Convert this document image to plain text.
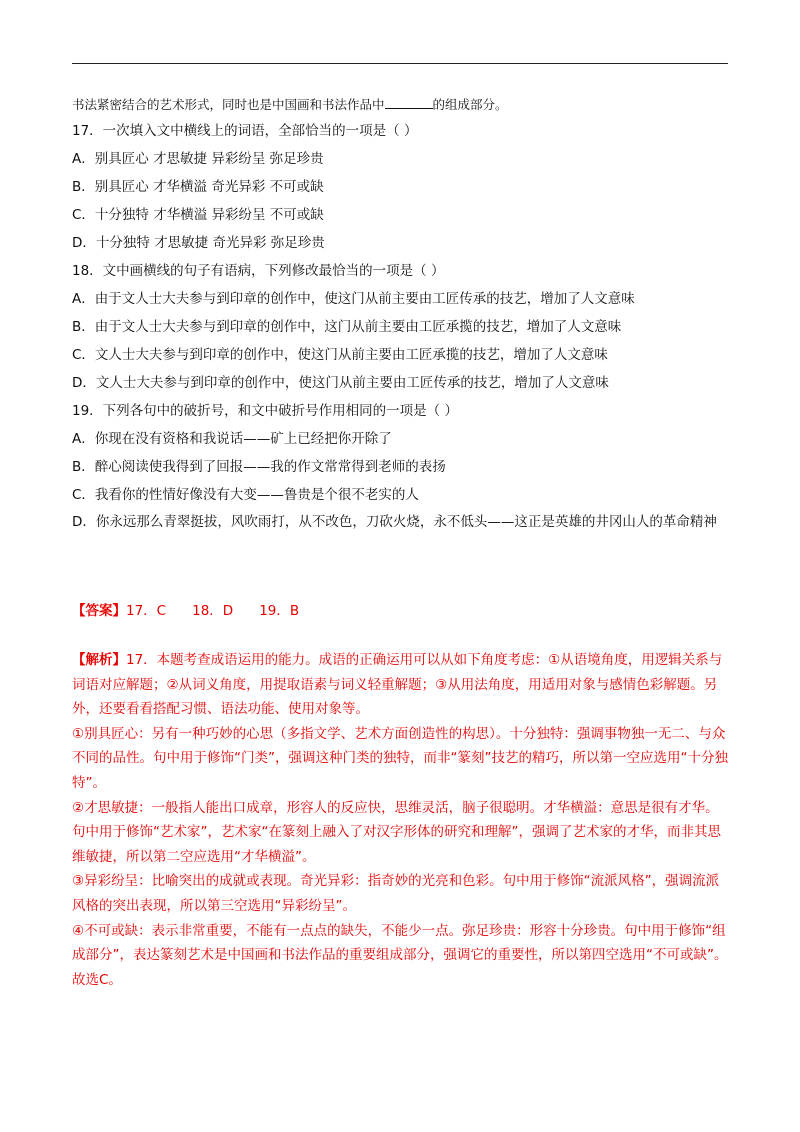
书法紧密结合的艺术形式，同时也是中国画和书法作品中	的组成部分。
17．一次填入文中横线上的词语，全部恰当的一项是（ ）
A．别具匠心 才思敏捷 异彩纷呈 弥足珍贵
B．别具匠心 才华横溢 奇光异彩 不可或缺
C．十分独特 才华横溢 异彩纷呈 不可或缺
D．十分独特 才思敏捷 奇光异彩 弥足珍贵
18．文中画横线的句子有语病，下列修改最恰当的一项是（ ）
A．由于文人士大夫参与到印章的创作中，使这门从前主要由工匠传承的技艺，增加了人文意味
B．由于文人士大夫参与到印章的创作中，这门从前主要由工匠承揽的技艺，增加了人文意味
C．文人士大夫参与到印章的创作中，使这门从前主要由工匠承揽的技艺，增加了人文意味
D．文人士大夫参与到印章的创作中，使这门从前主要由工匠传承的技艺，增加了人文意味
19．下列各句中的破折号，和文中破折号作用相同的一项是（ ）
A．你现在没有资格和我说话——矿上已经把你开除了
B．醉心阅读使我得到了回报——我的作文常常得到老师的表扬
C．我看你的性情好像没有大变——鲁贵是个很不老实的人
D．你永远那么青翠挺拔，风吹雨打，从不改色，刀砍火烧，永不低头——这正是英雄的井冈山人的革命精神
【答案】17．C 18．D 19．B

【解析】17．本题考查成语运用的能力。成语的正确运用可以从如下角度考虑：①从语境角度，用逻辑关系与词语对应解题；②从词义角度，用提取语素与词义轻重解题；③从用法角度，用适用对象与感情色彩解题。另外，还要看看搭配习惯、语法功能、使用对象等。

①别具匠心：另有一种巧妙的心思（多指文学、艺术方面创造性的构思）。十分独特：强调事物独一无二、与众不同的品性。句中用于修饰“门类”，强调这种门类的独特，而非“篆刻”技艺的精巧，所以第一空应选用“十分独特”。

②才思敏捷：一般指人能出口成章，形容人的反应快，思维灵活，脑子很聪明。才华横溢：意思是很有才华。句中用于修饰“艺术家”，艺术家“在篆刻上融入了对汉字形体的研究和理解”，强调了艺术家的才华，而非其思维敏捷，所以第二空应选用“才华横溢”。

③异彩纷呈：比喻突出的成就或表现。奇光异彩：指奇妙的光亮和色彩。句中用于修饰“流派风格”，强调流派风格的突出表现，所以第三空选用“异彩纷呈”。

④不可或缺：表示非常重要，不能有一点点的缺失，不能少一点。弥足珍贵：形容十分珍贵。句中用于修饰“组成部分”，表达篆刻艺术是中国画和书法作品的重要组成部分，强调它的重要性，所以第四空选用“不可或缺”。

故选C。
